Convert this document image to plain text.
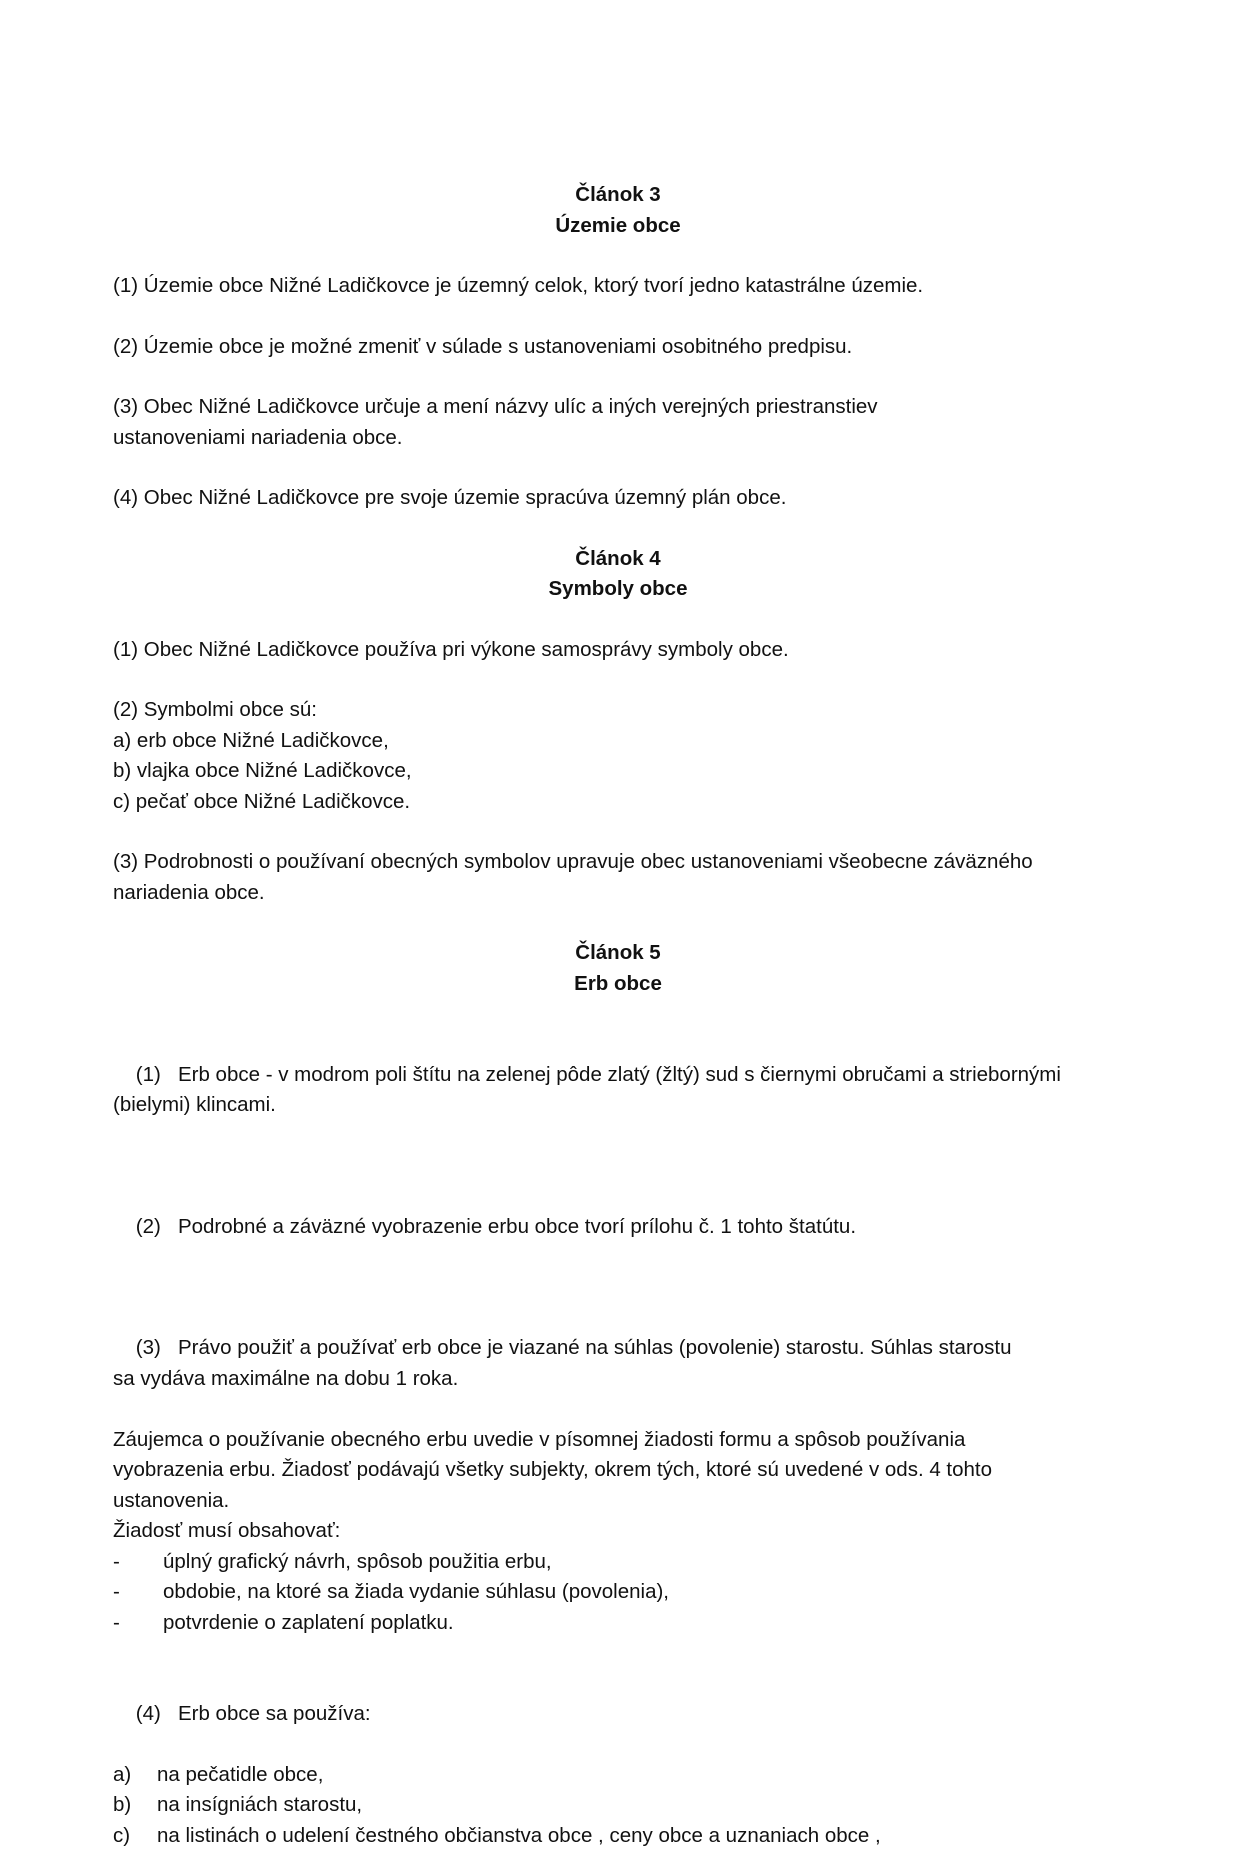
Článok 3

Územie obce

(1) Územie obce Nižné Ladičkovce je územný celok, ktorý tvorí jedno katastrálne územie.

(2) Územie obce je možné zmeniť v súlade s ustanoveniami osobitného predpisu.

(3) Obec Nižné Ladičkovce určuje a mení názvy ulíc a iných verejných priestranstiev ustanoveniami nariadenia obce.

(4) Obec Nižné Ladičkovce pre svoje územie spracúva územný plán obce.

Článok 4

Symboly obce

(1) Obec Nižné Ladičkovce používa pri výkone samosprávy symboly obce.

(2) Symbolmi obce sú:

a) erb obce Nižné Ladičkovce,

b) vlajka obce Nižné Ladičkovce,

c) pečať obce Nižné Ladičkovce.

(3) Podrobnosti o používaní obecných symbolov upravuje obec ustanoveniami všeobecne záväzného nariadenia obce.

Článok 5

Erb obce

(1) Erb obce - v modrom poli štítu na zelenej pôde zlatý (žltý) sud s čiernymi obručami a striebornými (bielymi) klincami.

(2) Podrobné a záväzné vyobrazenie erbu obce tvorí prílohu č. 1 tohto štatútu.

(3) Právo použiť a používať erb obce je viazané na súhlas (povolenie) starostu. Súhlas starostu sa vydáva maximálne na dobu 1 roka.

Záujemca o používanie obecného erbu uvedie v písomnej žiadosti formu a spôsob používania vyobrazenia erbu. Žiadosť podávajú všetky subjekty, okrem tých, ktoré sú uvedené v ods. 4 tohto ustanovenia.

Žiadosť musí obsahovať:

-	úplný grafický návrh, spôsob použitia erbu,
-	obdobie, na ktoré sa žiada vydanie súhlasu (povolenia),
-	potvrdenie o zaplatení poplatku.

(4) Erb obce sa používa:

a)	na pečatidle obce,
b)	na insígniách starostu,
c)	na listinách o udelení čestného občianstva obce , ceny obce a uznaniach obce ,
